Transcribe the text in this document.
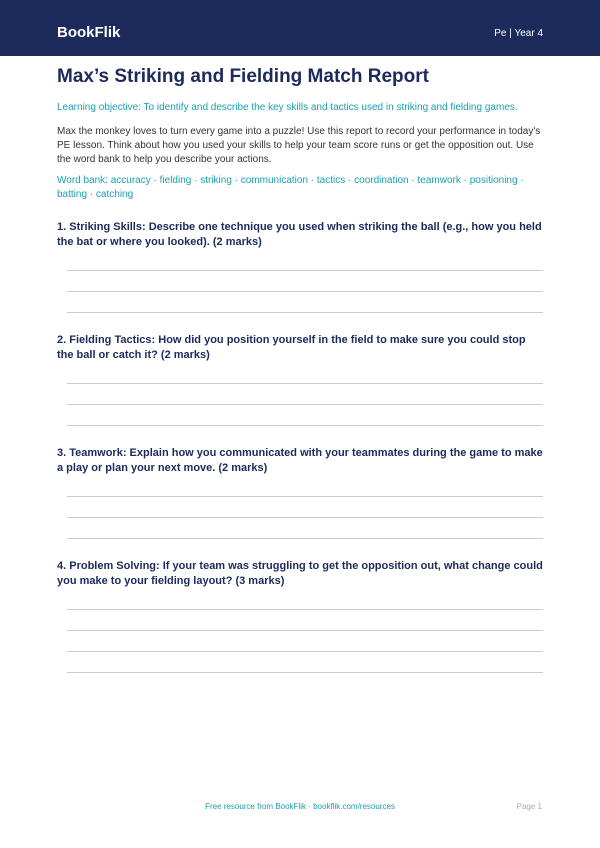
BookFlik	Pe | Year 4
Max’s Striking and Fielding Match Report
Learning objective: To identify and describe the key skills and tactics used in striking and fielding games.
Max the monkey loves to turn every game into a puzzle! Use this report to record your performance in today's PE lesson. Think about how you used your skills to help your team score runs or get the opposition out. Use the word bank to help you describe your actions.
Word bank: accuracy · fielding · striking · communication · tactics · coordination · teamwork · positioning · batting · catching
1. Striking Skills: Describe one technique you used when striking the ball (e.g., how you held the bat or where you looked). (2 marks)
2. Fielding Tactics: How did you position yourself in the field to make sure you could stop the ball or catch it? (2 marks)
3. Teamwork: Explain how you communicated with your teammates during the game to make a play or plan your next move. (2 marks)
4. Problem Solving: If your team was struggling to get the opposition out, what change could you make to your fielding layout? (3 marks)
Free resource from BookFlik · bookflik.com/resources	Page 1
